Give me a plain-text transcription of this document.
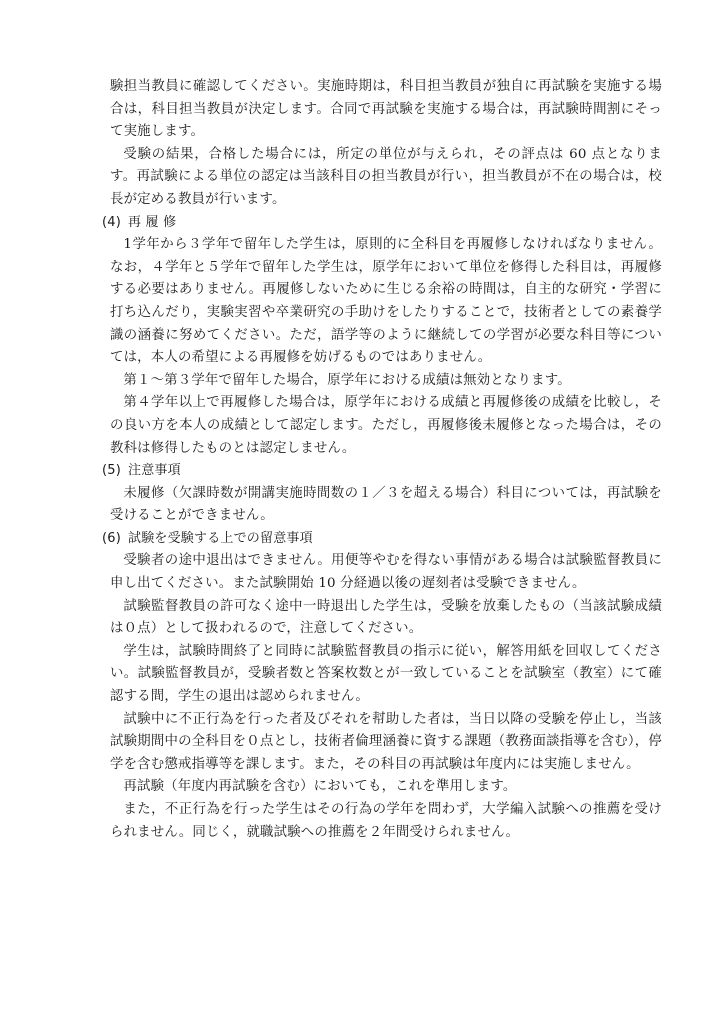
験担当教員に確認してください。実施時期は，科目担当教員が独自に再試験を実施する場合は，科目担当教員が決定します。合同で再試験を実施する場合は，再試験時間割にそって実施します。

受験の結果，合格した場合には，所定の単位が与えられ，その評点は 60 点となります。再試験による単位の認定は当該科目の担当教員が行い，担当教員が不在の場合は，校長が定める教員が行います。

(4) 再 履 修

1学年から３学年で留年した学生は，原則的に全科目を再履修しなければなりません。なお，４学年と５学年で留年した学生は，原学年において単位を修得した科目は，再履修する必要はありません。再履修しないために生じる余裕の時間は，自主的な研究・学習に打ち込んだり，実験実習や卒業研究の手助けをしたりすることで，技術者としての素養学識の涵養に努めてください。ただ，語学等のように継続しての学習が必要な科目等については，本人の希望による再履修を妨げるものではありません。

第１～第３学年で留年した場合，原学年における成績は無効となります。

第４学年以上で再履修した場合は，原学年における成績と再履修後の成績を比較し，その良い方を本人の成績として認定します。ただし，再履修後未履修となった場合は，その教科は修得したものとは認定しません。

(5) 注意事項

未履修（欠課時数が開講実施時間数の１／３を超える場合）科目については，再試験を受けることができません。

(6) 試験を受験する上での留意事項

受験者の途中退出はできません。用便等やむを得ない事情がある場合は試験監督教員に申し出てください。また試験開始 10 分経過以後の遅刻者は受験できません。

試験監督教員の許可なく途中一時退出した学生は，受験を放棄したもの（当該試験成績は０点）として扱われるので，注意してください。

学生は，試験時間終了と同時に試験監督教員の指示に従い，解答用紙を回収してください。試験監督教員が，受験者数と答案枚数とが一致していることを試験室（教室）にて確認する間，学生の退出は認められません。

試験中に不正行為を行った者及びそれを幇助した者は，当日以降の受験を停止し，当該試験期間中の全科目を０点とし，技術者倫理涵養に資する課題（教務面談指導を含む），停学を含む懲戒指導等を課します。また，その科目の再試験は年度内には実施しません。

再試験（年度内再試験を含む）においても，これを準用します。

また，不正行為を行った学生はその行為の学年を問わず，大学編入試験への推薦を受けられません。同じく，就職試験への推薦を２年間受けられません。
